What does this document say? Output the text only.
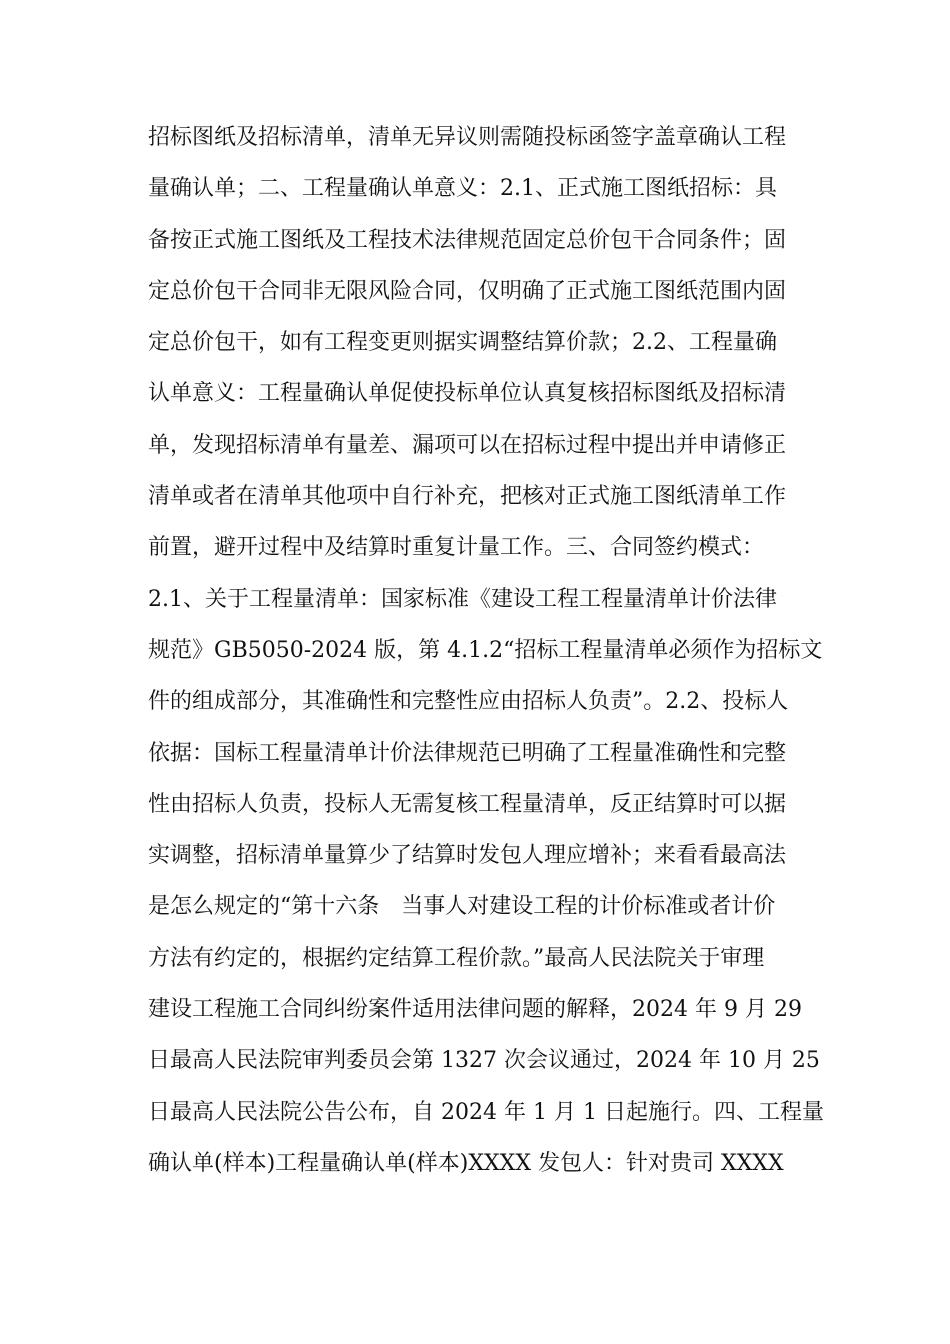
招标图纸及招标清单，清单无异议则需随投标函签字盖章确认工程
量确认单；二、工程量确认单意义：2.1、正式施工图纸招标：具
备按正式施工图纸及工程技术法律规范固定总价包干合同条件；固
定总价包干合同非无限风险合同，仅明确了正式施工图纸范围内固
定总价包干，如有工程变更则据实调整结算价款；2.2、工程量确
认单意义：工程量确认单促使投标单位认真复核招标图纸及招标清
单，发现招标清单有量差、漏项可以在招标过程中提出并申请修正
清单或者在清单其他项中自行补充，把核对正式施工图纸清单工作
前置，避开过程中及结算时重复计量工作。三、合同签约模式：
2.1、关于工程量清单：国家标准《建设工程工程量清单计价法律
规范》GB5050-2024 版，第 4.1.2“招标工程量清单必须作为招标文
件的组成部分，其准确性和完整性应由招标人负责”。2.2、投标人
依据：国标工程量清单计价法律规范已明确了工程量准确性和完整
性由招标人负责，投标人无需复核工程量清单，反正结算时可以据
实调整，招标清单量算少了结算时发包人理应增补；来看看最高法
是怎么规定的“第十六条　当事人对建设工程的计价标准或者计价
方法有约定的，根据约定结算工程价款。”最高人民法院关于审理
建设工程施工合同纠纷案件适用法律问题的解释，2024 年 9 月 29
日最高人民法院审判委员会第 1327 次会议通过，2024 年 10 月 25
日最高人民法院公告公布，自 2024 年 1 月 1 日起施行。四、工程量
确认单(样本)工程量确认单(样本)XXXX 发包人：针对贵司 XXXX
